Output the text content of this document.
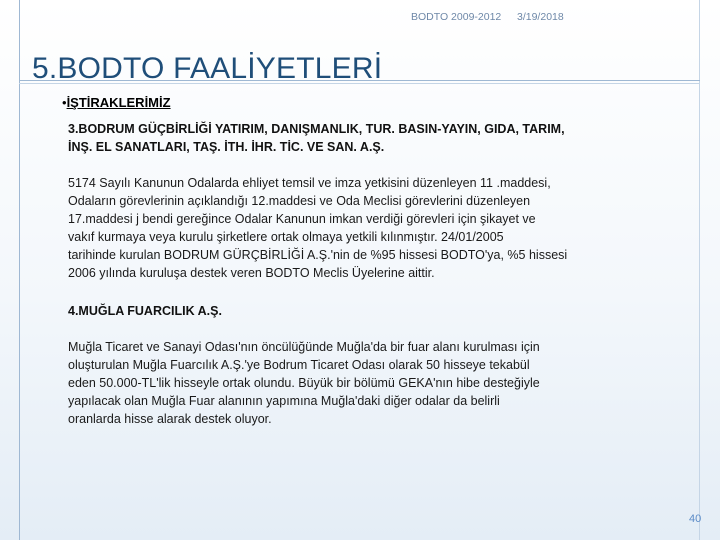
BODTO 2009-2012 3/19/2018
5.BODTO FAALİYETLERİ
•İŞTİRAKLERİMİZ

3.BODRUM GÜÇBİRLİĞİ YATIRIM, DANIŞMANLIK, TUR. BASIN-YAYIN, GIDA, TARIM,

İNŞ. EL SANATLARI, TAŞ. İTH. İHR. TİC. VE SAN. A.Ş.

5174 Sayılı Kanunun Odalarda ehliyet temsil ve imza yetkisini düzenleyen 11 .maddesi,

Odaların görevlerinin açıklandığı 12.maddesi ve Oda Meclisi görevlerini düzenleyen

17.maddesi j bendi gereğince Odalar Kanunun imkan verdiği görevleri için şikayet ve

vakıf kurmaya veya kurulu şirketlere ortak olmaya yetkili kılınmıştır. 24/01/2005

tarihinde kurulan BODRUM GÜRÇBİRLİĞİ A.Ş.'nin de %95 hissesi BODTO'ya, %5 hissesi

2006 yılında kuruluşa destek veren BODTO Meclis Üyelerine aittir.

4.MUĞLA FUARCILIK A.Ş.

Muğla Ticaret ve Sanayi Odası'nın öncülüğünde Muğla'da bir fuar alanı kurulması için

oluşturulan Muğla Fuarcılık A.Ş.'ye Bodrum Ticaret Odası olarak 50 hisseye tekabül

eden 50.000-TL'lik hisseyle ortak olundu. Büyük bir bölümü GEKA'nın hibe desteğiyle

yapılacak olan Muğla Fuar alanının yapımına Muğla'daki diğer odalar da belirli

oranlarda hisse alarak destek oluyor.

40
